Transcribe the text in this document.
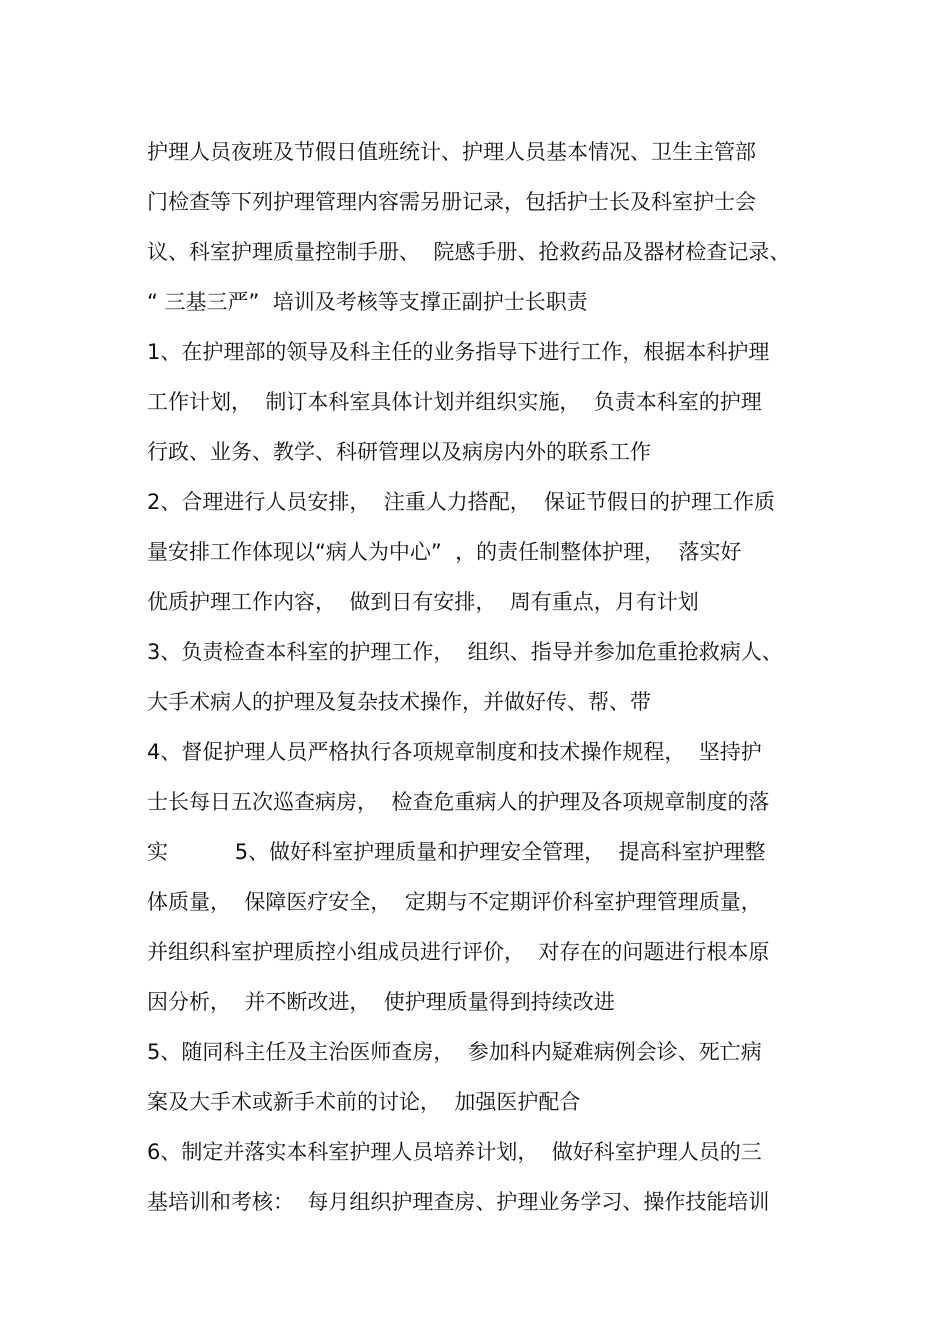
护理人员夜班及节假日值班统计、护理人员基本情况、卫生主管部
门检查等下列护理管理内容需另册记录，包括护士长及科室护士会
议、科室护理质量控制手册、  院感手册、抢救药品及器材检查记录、
“ 三基三严”  培训及考核等支撑正副护士长职责
1、在护理部的领导及科主任的业务指导下进行工作，根据本科护理
工作计划，  制订本科室具体计划并组织实施，  负责本科室的护理
行政、业务、教学、科研管理以及病房内外的联系工作
2、合理进行人员安排，  注重人力搭配，  保证节假日的护理工作质
量安排工作体现以“病人为中心”  ，的责任制整体护理，  落实好
优质护理工作内容，  做到日有安排，  周有重点，月有计划
3、负责检查本科室的护理工作，  组织、指导并参加危重抢救病人、
大手术病人的护理及复杂技术操作，并做好传、帮、带
4、督促护理人员严格执行各项规章制度和技术操作规程，  坚持护
士长每日五次巡查病房，  检查危重病人的护理及各项规章制度的落
实          5、做好科室护理质量和护理安全管理，  提高科室护理整
体质量，  保障医疗安全，  定期与不定期评价科室护理管理质量，
并组织科室护理质控小组成员进行评价，  对存在的问题进行根本原
因分析，  并不断改进，  使护理质量得到持续改进
5、随同科主任及主治医师查房，  参加科内疑难病例会诊、死亡病
案及大手术或新手术前的讨论，  加强医护配合
6、制定并落实本科室护理人员培养计划，  做好科室护理人员的三
基培训和考核：  每月组织护理查房、护理业务学习、操作技能培训
